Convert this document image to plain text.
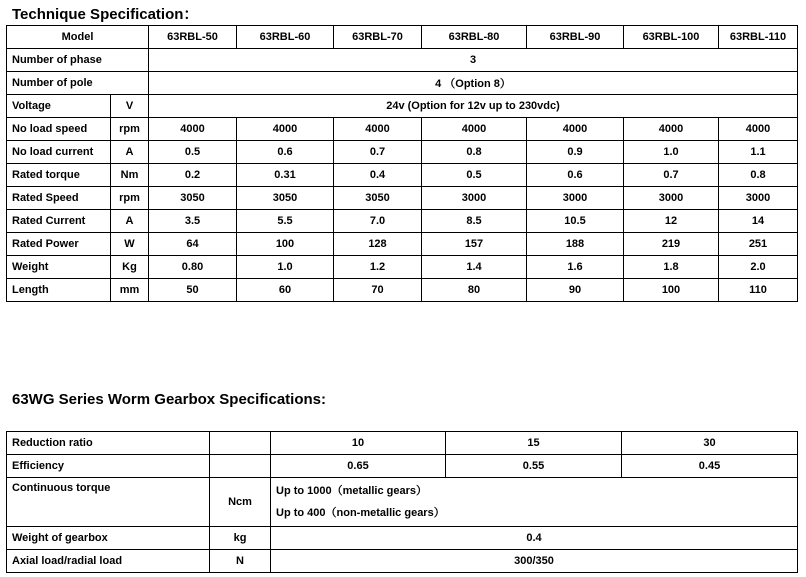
Technique Specification：
Model		63RBL-50	63RBL-60	63RBL-70	63RBL-80	63RBL-90	63RBL-100	63RBL-110
Number of phase		3						
Number of pole		4 （Option 8）						
Voltage	V	24v (Option for 12v up to 230vdc)						
No load speed	rpm	4000	4000	4000	4000	4000	4000	4000
No load current	A	0.5	0.6	0.7	0.8	0.9	1.0	1.1
Rated torque	Nm	0.2	0.31	0.4	0.5	0.6	0.7	0.8
Rated Speed	rpm	3050	3050	3050	3000	3000	3000	3000
Rated Current	A	3.5	5.5	7.0	8.5	10.5	12	14
Rated Power	W	64	100	128	157	188	219	251
Weight	Kg	0.80	1.0	1.2	1.4	1.6	1.8	2.0
Length	mm	50	60	70	80	90	100	110
63WG Series Worm Gearbox Specifications:
Reduction ratio		10	15	30
Efficiency		0.65	0.55	0.45
Continuous torque	Ncm	Up to 1000（metallic gears）
Up to 400（non-metallic gears）		

Weight of gearbox	kg	0.4		
Axial load/radial load	N	300/350		
